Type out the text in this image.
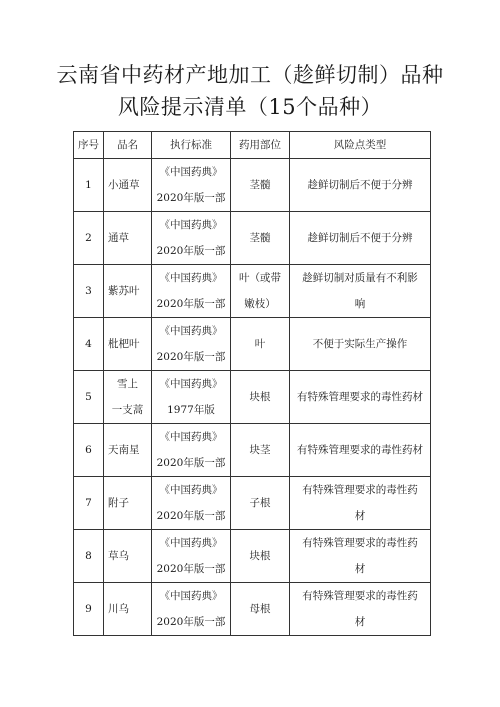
云南省中药材产地加工（趁鲜切制）品种
风险提示清单（15个品种）
序号	品名	执行标准	药用部位	风险点类型

1	小通草	《中国药典》
2020年版一部	茎髓	趁鲜切制后不便于分辨

2	通草	《中国药典》
2020年版一部	茎髓	趁鲜切制后不便于分辨

3	紫苏叶	《中国药典》
2020年版一部	叶（或带
嫩枝）	趁鲜切制对质量有不利影
响

4	枇杷叶	《中国药典》
2020年版一部	叶	不便于实际生产操作

5	雪上
一支蒿	《中国药典》
1977年版	块根	有特殊管理要求的毒性药材

6	天南星	《中国药典》
2020年版一部	块茎	有特殊管理要求的毒性药材

7	附子	《中国药典》
2020年版一部	子根	有特殊管理要求的毒性药
材

8	草乌	《中国药典》
2020年版一部	块根	有特殊管理要求的毒性药
材

9	川乌	《中国药典》
2020年版一部	母根	有特殊管理要求的毒性药
材
